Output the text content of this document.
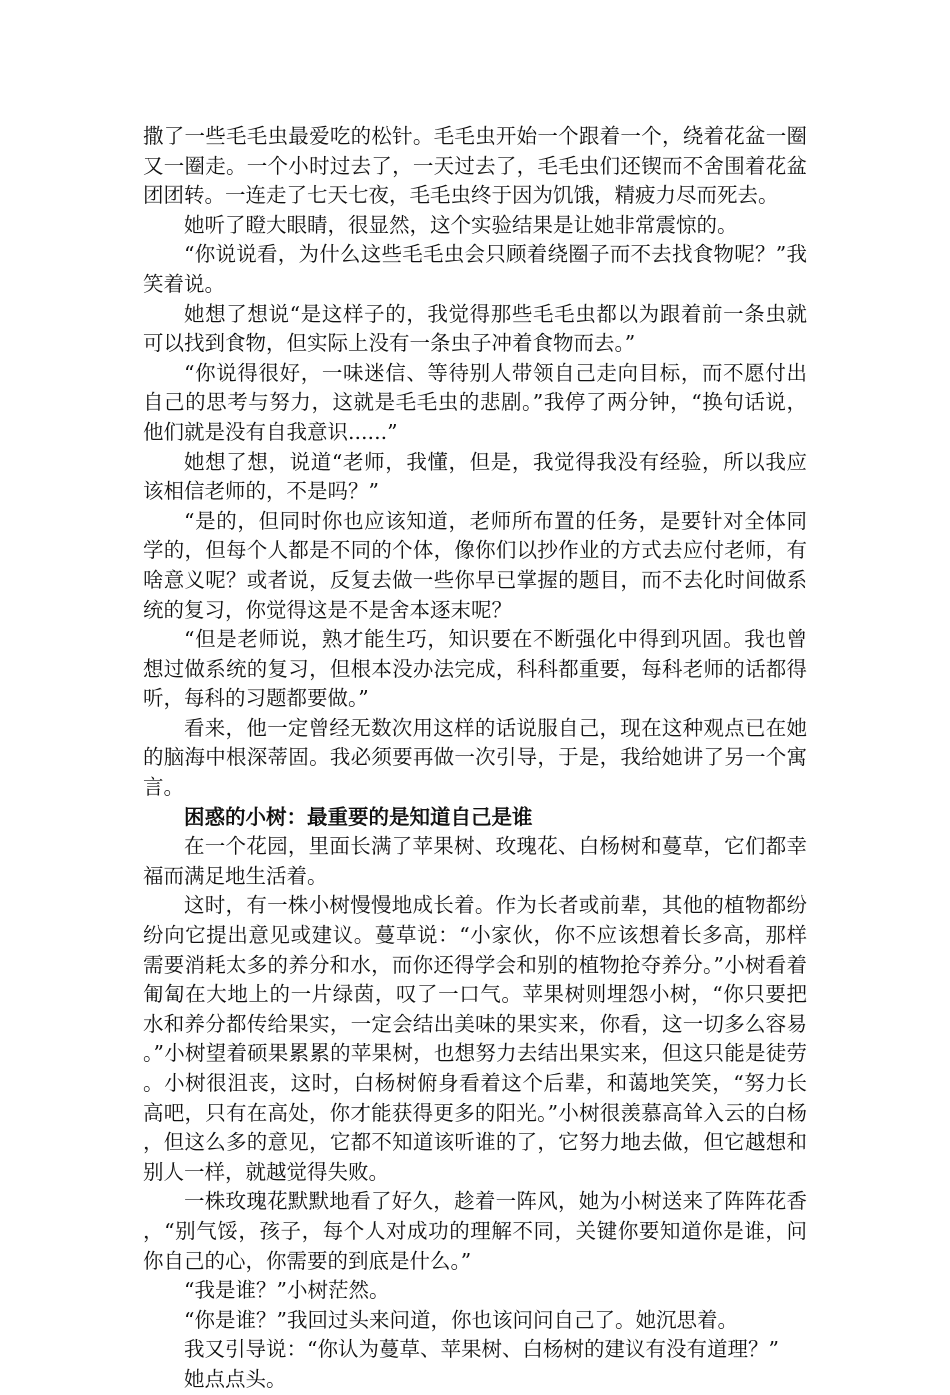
撒了一些毛毛虫最爱吃的松针。毛毛虫开始一个跟着一个，绕着花盆一圈又一圈走。一个小时过去了，一天过去了，毛毛虫们还锲而不舍围着花盆团团转。一连走了七天七夜，毛毛虫终于因为饥饿，精疲力尽而死去。

她听了瞪大眼睛，很显然，这个实验结果是让她非常震惊的。

“你说说看，为什么这些毛毛虫会只顾着绕圈子而不去找食物呢？”我笑着说。

她想了想说“是这样子的，我觉得那些毛毛虫都以为跟着前一条虫就可以找到食物，但实际上没有一条虫子冲着食物而去。”

“你说得很好，一味迷信、等待别人带领自己走向目标，而不愿付出自己的思考与努力，这就是毛毛虫的悲剧。”我停了两分钟，“换句话说，他们就是没有自我意识......”

她想了想，说道“老师，我懂，但是，我觉得我没有经验，所以我应该相信老师的，不是吗？”

“是的，但同时你也应该知道，老师所布置的任务，是要针对全体同学的，但每个人都是不同的个体，像你们以抄作业的方式去应付老师，有啥意义呢？或者说，反复去做一些你早已掌握的题目，而不去化时间做系统的复习，你觉得这是不是舍本逐末呢？

“但是老师说，熟才能生巧，知识要在不断强化中得到巩固。我也曾想过做系统的复习，但根本没办法完成，科科都重要，每科老师的话都得听，每科的习题都要做。”

看来，他一定曾经无数次用这样的话说服自己，现在这种观点已在她的脑海中根深蒂固。我必须要再做一次引导，于是，我给她讲了另一个寓言。

困惑的小树：最重要的是知道自己是谁

在一个花园，里面长满了苹果树、玫瑰花、白杨树和蔓草，它们都幸福而满足地生活着。

这时，有一株小树慢慢地成长着。作为长者或前辈，其他的植物都纷纷向它提出意见或建议。蔓草说：“小家伙，你不应该想着长多高，那样需要消耗太多的养分和水，而你还得学会和别的植物抢夺养分。”小树看着匍匐在大地上的一片绿茵，叹了一口气。苹果树则埋怨小树，“你只要把水和养分都传给果实，一定会结出美味的果实来，你看，这一切多么容易。”小树望着硕果累累的苹果树，也想努力去结出果实来，但这只能是徒劳。小树很沮丧，这时，白杨树俯身看着这个后辈，和蔼地笑笑，“努力长高吧，只有在高处，你才能获得更多的阳光。”小树很羡慕高耸入云的白杨，但这么多的意见，它都不知道该听谁的了，它努力地去做，但它越想和别人一样，就越觉得失败。

一株玫瑰花默默地看了好久，趁着一阵风，她为小树送来了阵阵花香，“别气馁，孩子，每个人对成功的理解不同，关键你要知道你是谁，问你自己的心，你需要的到底是什么。”

“我是谁？”小树茫然。

“你是谁？”我回过头来问道，你也该问问自己了。她沉思着。

我又引导说：“你认为蔓草、苹果树、白杨树的建议有没有道理？”

她点点头。
